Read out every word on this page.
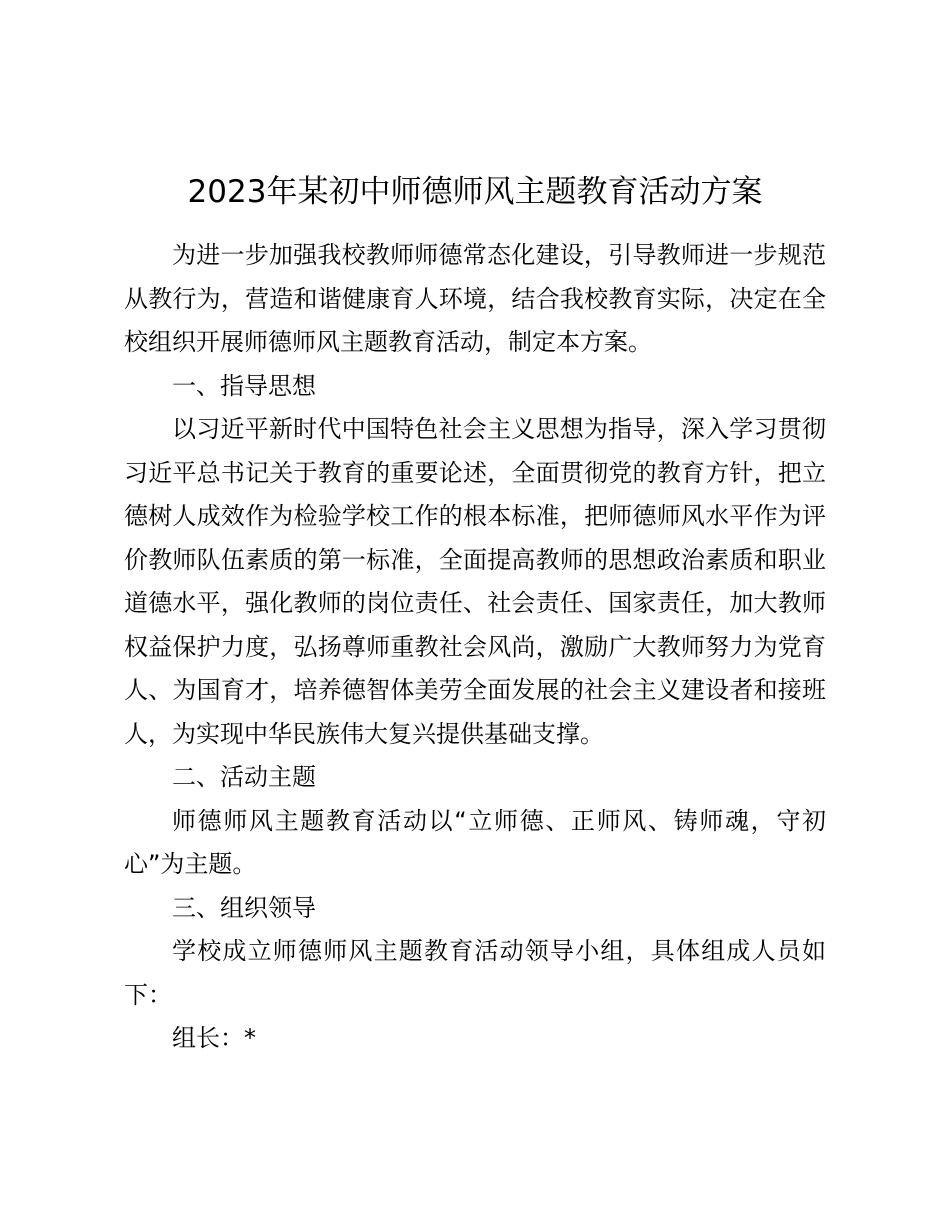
2023年某初中师德师风主题教育活动方案

为进一步加强我校教师师德常态化建设，引导教师进一步规范从教行为，营造和谐健康育人环境，结合我校教育实际，决定在全校组织开展师德师风主题教育活动，制定本方案。

一、指导思想

以习近平新时代中国特色社会主义思想为指导，深入学习贯彻习近平总书记关于教育的重要论述，全面贯彻党的教育方针，把立德树人成效作为检验学校工作的根本标准，把师德师风水平作为评价教师队伍素质的第一标准，全面提高教师的思想政治素质和职业道德水平，强化教师的岗位责任、社会责任、国家责任，加大教师权益保护力度，弘扬尊师重教社会风尚，激励广大教师努力为党育人、为国育才，培养德智体美劳全面发展的社会主义建设者和接班人，为实现中华民族伟大复兴提供基础支撑。

二、活动主题

师德师风主题教育活动以“立师德、正师风、铸师魂，守初心”为主题。

三、组织领导

学校成立师德师风主题教育活动领导小组，具体组成人员如下：

组长：*
